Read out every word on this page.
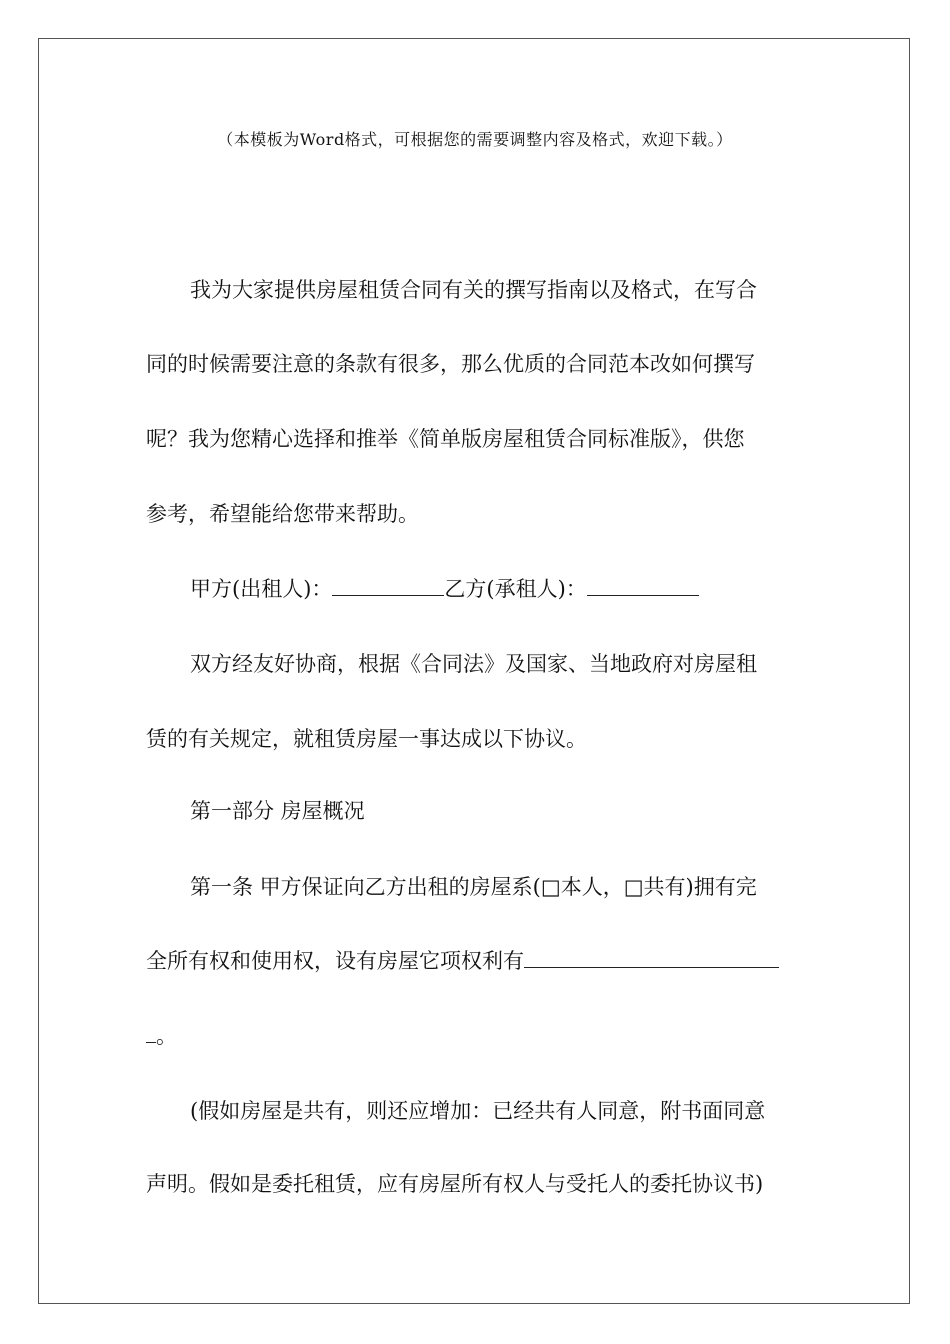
（本模板为Word格式，可根据您的需要调整内容及格式，欢迎下载。）
我为大家提供房屋租赁合同有关的撰写指南以及格式，在写合
同的时候需要注意的条款有很多，那么优质的合同范本改如何撰写
呢？我为您精心选择和推举《简单版房屋租赁合同标准版》，供您
参考，希望能给您带来帮助。
甲方(出租人)：	乙方(承租人)：
双方经友好协商，根据《合同法》及国家、当地政府对房屋租
赁的有关规定，就租赁房屋一事达成以下协议。
第一部分 房屋概况
第一条 甲方保证向乙方出租的房屋系(□本人，□共有)拥有完
全所有权和使用权，设有房屋它项权利有
。
(假如房屋是共有，则还应增加：已经共有人同意，附书面同意
声明。假如是委托租赁，应有房屋所有权人与受托人的委托协议书)
